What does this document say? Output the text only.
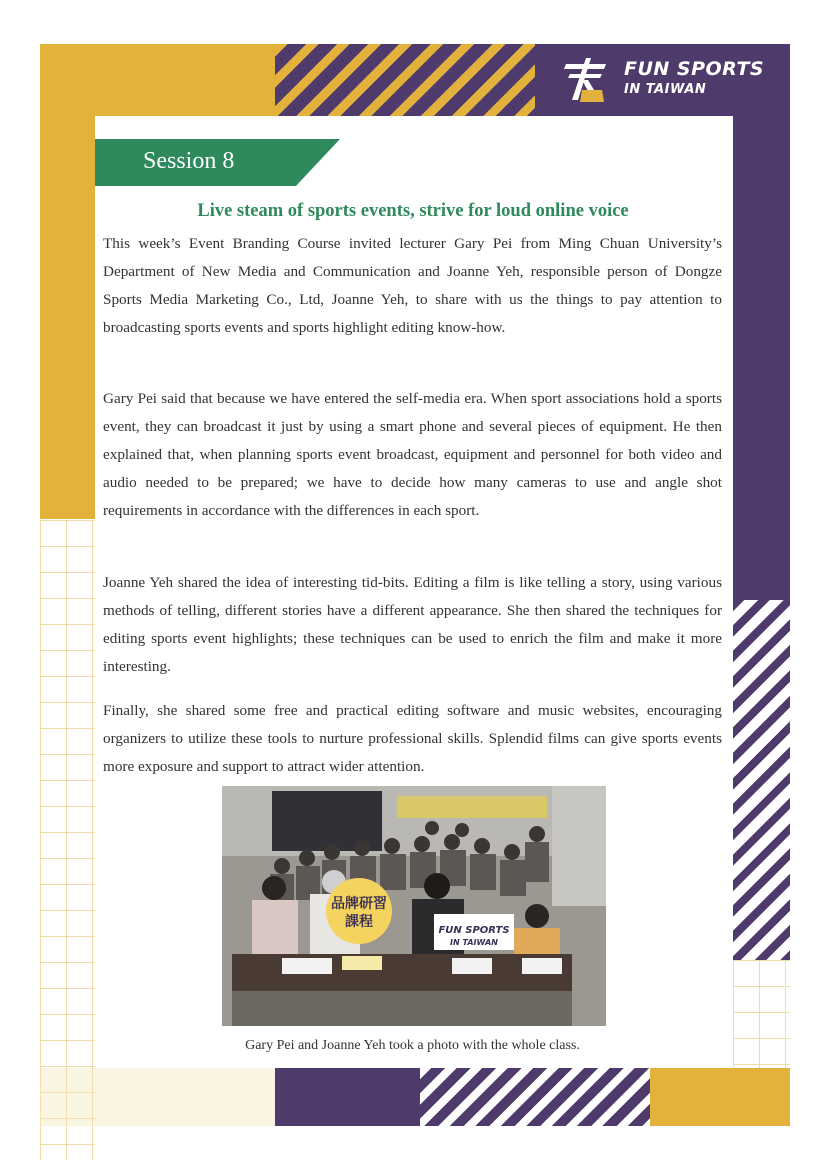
FUN SPORTS
IN TAIWAN
Session 8
Live steam of sports events, strive for loud online voice

This week’s Event Branding Course invited lecturer Gary Pei from Ming Chuan University’s Department of New Media and Communication and Joanne Yeh, responsible person of Dongze Sports Media Marketing Co., Ltd, Joanne Yeh, to share with us the things to pay attention to broadcasting sports events and sports highlight editing know-how.

Gary Pei said that because we have entered the self-media era. When sport associations hold a sports event, they can broadcast it just by using a smart phone and several pieces of equipment. He then explained that, when planning sports event broadcast, equipment and personnel for both video and audio needed to be prepared; we have to decide how many cameras to use and angle shot requirements in accordance with the differences in each sport.

Joanne Yeh shared the idea of interesting tid-bits. Editing a film is like telling a story, using various methods of telling, different stories have a different appearance. She then shared the techniques for editing sports event highlights; these techniques can be used to enrich the film and make it more interesting.

Finally, she shared some free and practical editing software and music websites, encouraging organizers to utilize these tools to nurture professional skills. Splendid films can give sports events more exposure and support to attract wider attention.

品牌研習
課程
FUN SPORTS
IN TAIWAN
Gary Pei and Joanne Yeh took a photo with the whole class.
